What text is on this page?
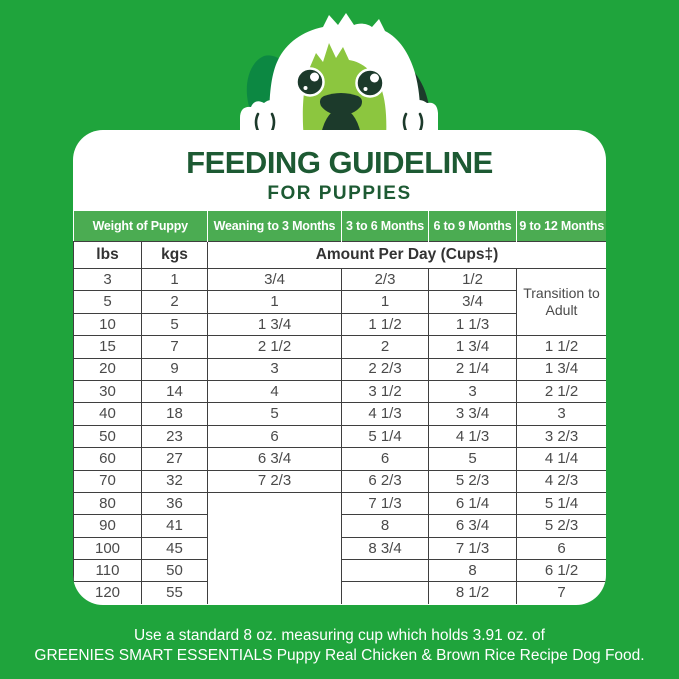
FEEDING GUIDELINE
FOR PUPPIES
Weight of Puppy		Weaning to 3 Months	3 to 6 Months	6 to 9 Months	9 to 12 Months
lbs	kgs	Amount Per Day (Cups‡)			
3	1	3/4	2/3	1/2	Transition to Adult
5	2	1	1	3/4	
10	5	1 3/4	1 1/2	1 1/3	
15	7	2 1/2	2	1 3/4	1 1/2
20	9	3	2 2/3	2 1/4	1 3/4
30	14	4	3 1/2	3	2 1/2
40	18	5	4 1/3	3 3/4	3
50	23	6	5 1/4	4 1/3	3 2/3
60	27	6 3/4	6	5	4 1/4
70	32	7 2/3	6 2/3	5 2/3	4 2/3
80	36		7 1/3	6 1/4	5 1/4
90	41		8	6 3/4	5 2/3
100	45		8 3/4	7 1/3	6
110	50			8	6 1/2
120	55			8 1/2	7
Use a standard 8 oz. measuring cup which holds 3.91 oz. of
GREENIES SMART ESSENTIALS Puppy Real Chicken & Brown Rice Recipe Dog Food.
